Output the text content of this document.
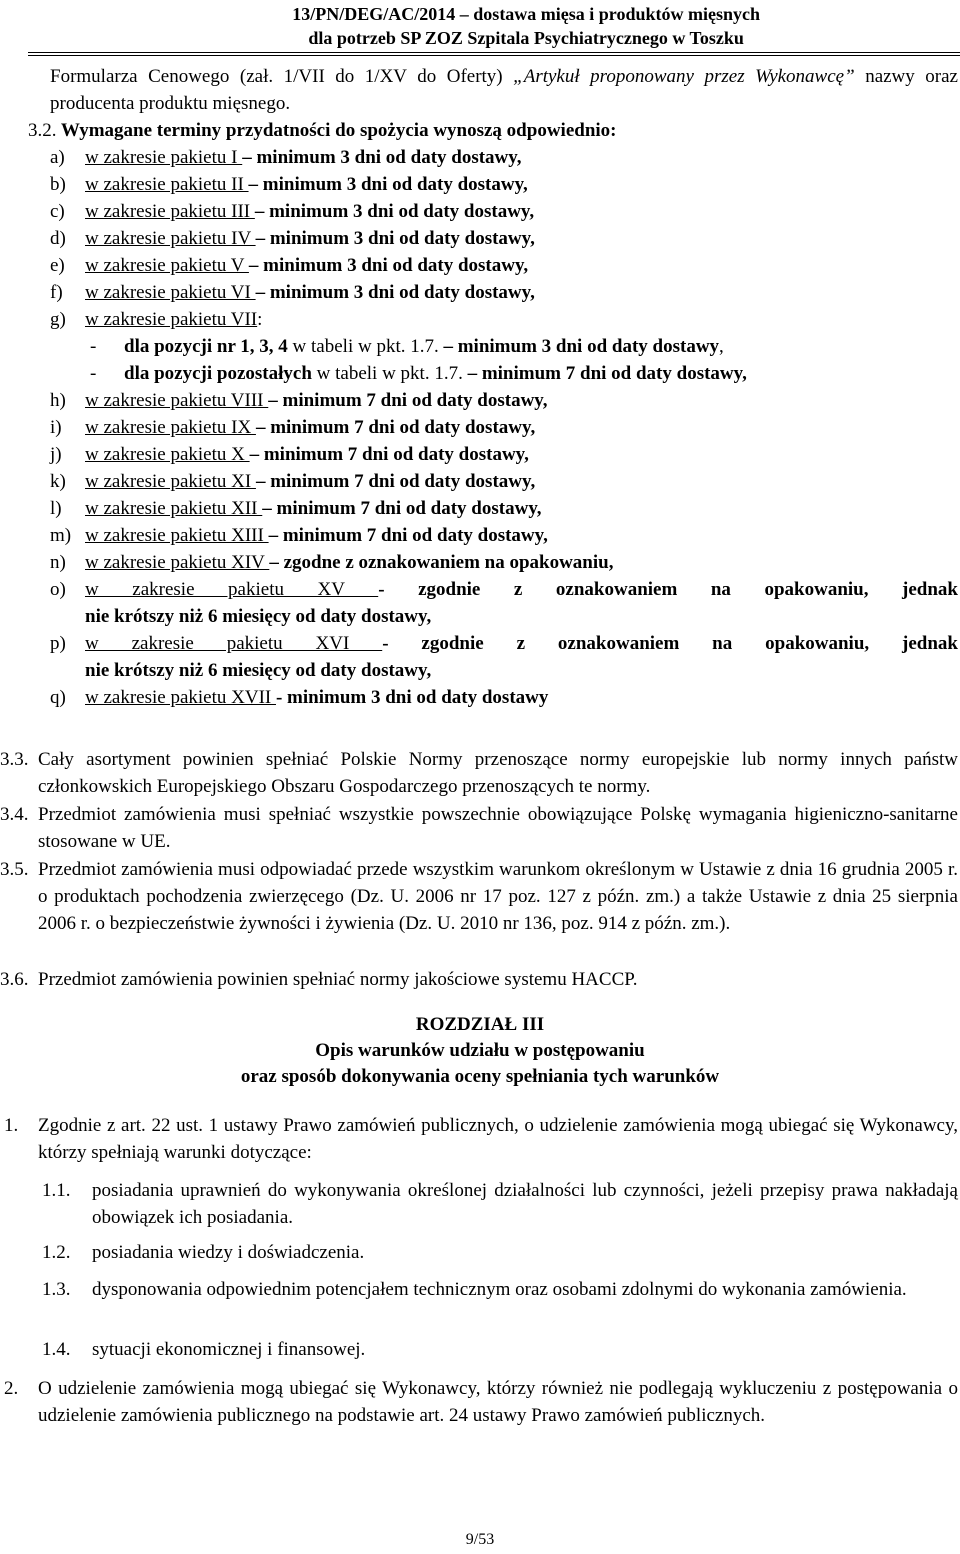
13/PN/DEG/AC/2014 – dostawa mięsa i produktów mięsnych
dla potrzeb SP ZOZ Szpitala Psychiatrycznego w Toszku
Formularza Cenowego (zał. 1/VII do 1/XV do Oferty) „Artykuł proponowany przez Wykonawcę” nazwy oraz producenta produktu mięsnego.
3.2. Wymagane terminy przydatności do spożycia wynoszą odpowiednio:
a)	w zakresie pakietu I – minimum 3 dni od daty dostawy,
b)	w zakresie pakietu II – minimum 3 dni od daty dostawy,
c)	w zakresie pakietu III – minimum 3 dni od daty dostawy,
d)	w zakresie pakietu IV – minimum 3 dni od daty dostawy,
e)	w zakresie pakietu V – minimum 3 dni od daty dostawy,
f)	w zakresie pakietu VI – minimum 3 dni od daty dostawy,
g)	w zakresie pakietu VII:
-	dla pozycji nr 1, 3, 4 w tabeli w pkt. 1.7. – minimum 3 dni od daty dostawy,
-	dla pozycji pozostałych w tabeli w pkt. 1.7. – minimum 7 dni od daty dostawy,
h)	w zakresie pakietu VIII – minimum 7 dni od daty dostawy,
i)	w zakresie pakietu IX – minimum 7 dni od daty dostawy,
j)	w zakresie pakietu X – minimum 7 dni od daty dostawy,
k)	w zakresie pakietu XI – minimum 7 dni od daty dostawy,
l)	w zakresie pakietu XII – minimum 7 dni od daty dostawy,
m) w zakresie pakietu XIII – minimum 7 dni od daty dostawy,
n)	w zakresie pakietu XIV – zgodne z oznakowaniem na opakowaniu,
o)	w zakresie pakietu XV - zgodnie z oznakowaniem na opakowaniu, jednak
nie krótszy niż 6 miesięcy od daty dostawy,
p)	w zakresie pakietu XVI - zgodnie z oznakowaniem na opakowaniu, jednak
nie krótszy niż 6 miesięcy od daty dostawy,
q)	w zakresie pakietu XVII - minimum 3 dni od daty dostawy
3.3. Cały asortyment powinien spełniać Polskie Normy przenoszące normy europejskie lub normy innych państw członkowskich Europejskiego Obszaru Gospodarczego przenoszących te normy.
3.4. Przedmiot zamówienia musi spełniać wszystkie powszechnie obowiązujące Polskę wymagania higieniczno-sanitarne stosowane w UE.
3.5. Przedmiot zamówienia musi odpowiadać przede wszystkim warunkom określonym w Ustawie z dnia 16 grudnia 2005 r. o produktach pochodzenia zwierzęcego (Dz. U. 2006 nr 17 poz. 127 z późn. zm.) a także Ustawie z dnia 25 sierpnia 2006 r. o bezpieczeństwie żywności i żywienia (Dz. U. 2010 nr 136, poz. 914 z późn. zm.).
3.6. Przedmiot zamówienia powinien spełniać normy jakościowe systemu HACCP.
ROZDZIAŁ III
Opis warunków udziału w postępowaniu
oraz sposób dokonywania oceny spełniania tych warunków
1. Zgodnie z art. 22 ust. 1 ustawy Prawo zamówień publicznych, o udzielenie zamówienia mogą ubiegać się Wykonawcy, którzy spełniają warunki dotyczące:
1.1. posiadania uprawnień do wykonywania określonej działalności lub czynności, jeżeli przepisy prawa nakładają obowiązek ich posiadania.
1.2. posiadania wiedzy i doświadczenia.
1.3. dysponowania odpowiednim potencjałem technicznym oraz osobami zdolnymi do wykonania zamówienia.
1.4. sytuacji ekonomicznej i finansowej.
2. O udzielenie zamówienia mogą ubiegać się Wykonawcy, którzy również nie podlegają wykluczeniu z postępowania o udzielenie zamówienia publicznego na podstawie art. 24 ustawy Prawo zamówień publicznych.
9/53
